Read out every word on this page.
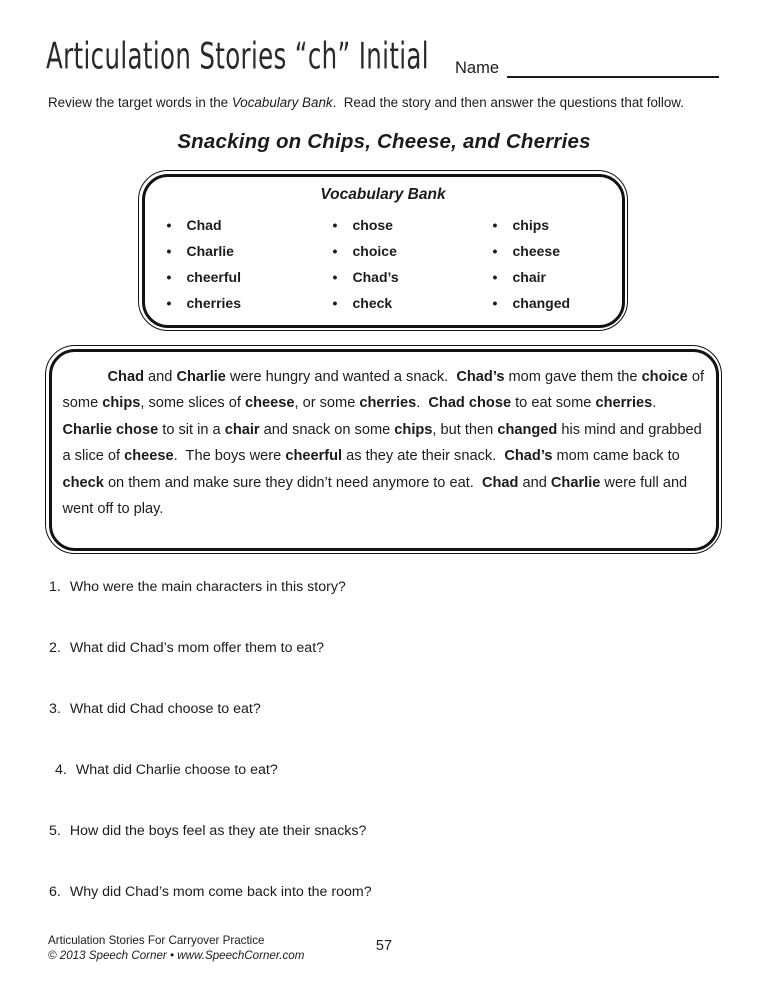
Articulation Stories “ch” Initial Name

Review the target words in the Vocabulary Bank.  Read the story and then answer the questions that follow.

Snacking on Chips, Cheese, and Cherries
Vocabulary Bank
• Chad
• Charlie
• cheerful
• cherries
• chose
• choice
• Chad’s
• check
• chips
• cheese
• chair
• changed

Chad and Charlie were hungry and wanted a snack.  Chad’s mom gave them the choice of some chips, some slices of cheese, or some cherries.  Chad chose to eat some cherries.  Charlie chose to sit in a chair and snack on some chips, but then changed his mind and grabbed a slice of cheese.  The boys were cheerful as they ate their snack.  Chad’s mom came back to check on them and make sure they didn’t need anymore to eat.  Chad and Charlie were full and went off to play.

1. Who were the main characters in this story?
2. What did Chad’s mom offer them to eat?
3. What did Chad choose to eat?
4. What did Charlie choose to eat?
5. How did the boys feel as they ate their snacks?
6. Why did Chad’s mom come back into the room?
Articulation Stories For Carryover Practice
© 2013 Speech Corner • www.SpeechCorner.com
57
